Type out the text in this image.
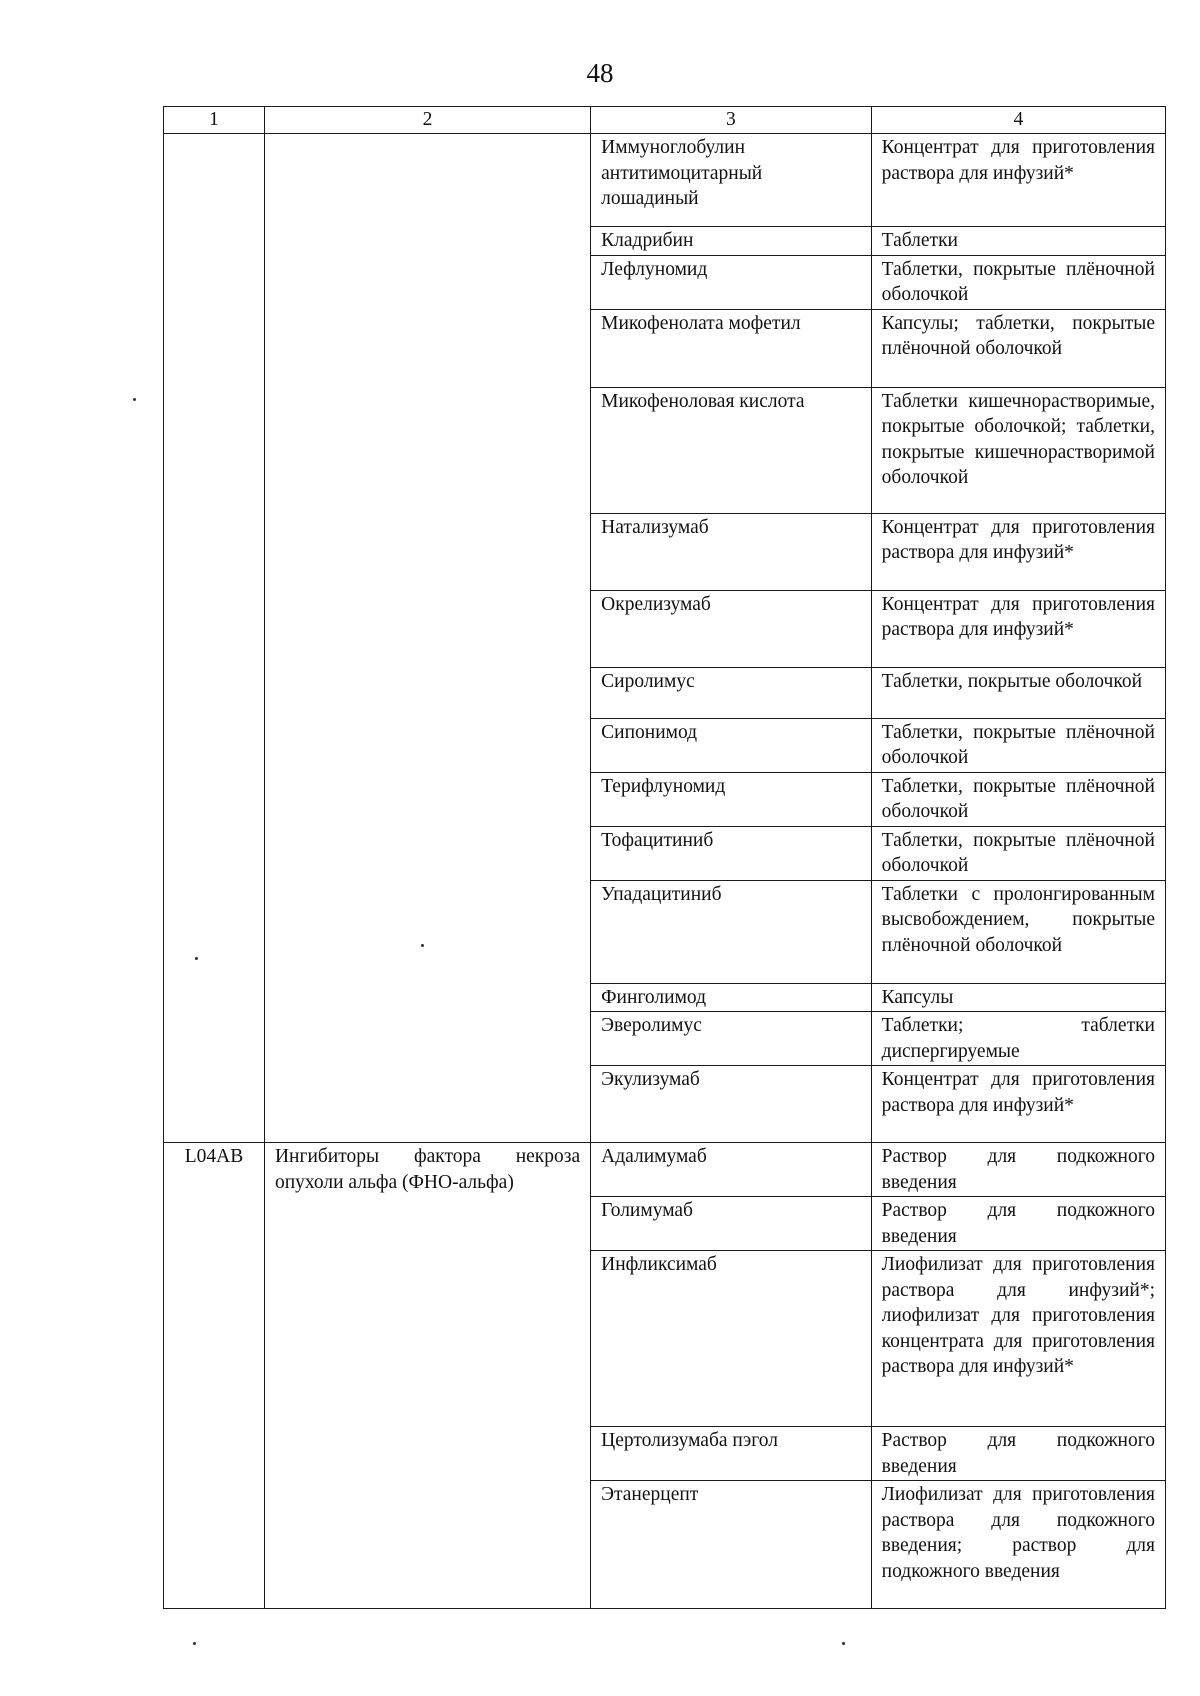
48
1	2	3	4
		Иммуноглобулин антитимоцитарный лошадиный	Концентрат для приготовления раствора для инфузий*
		Кладрибин	Таблетки
		Лефлуномид	Таблетки, покрытые плёночной оболочкой
		Микофенолата мофетил	Капсулы; таблетки, покрытые плёночной оболочкой
		Микофеноловая кислота	Таблетки кишечнорастворимые, покрытые оболочкой; таблетки, покрытые кишечнорастворимой оболочкой
		Натализумаб	Концентрат для приготовления раствора для инфузий*
		Окрелизумаб	Концентрат для приготовления раствора для инфузий*
		Сиролимус	Таблетки, покрытые оболочкой
		Сипонимод	Таблетки, покрытые плёночной оболочкой
		Терифлуномид	Таблетки, покрытые плёночной оболочкой
		Тофацитиниб	Таблетки, покрытые плёночной оболочкой
		Упадацитиниб	Таблетки с пролонгированным высвобождением, покрытые плёночной оболочкой
		Финголимод	Капсулы
		Эверолимус	Таблетки; таблетки диспергируемые
		Экулизумаб	Концентрат для приготовления раствора для инфузий*
L04AB	Ингибиторы фактора некроза опухоли альфа (ФНО-альфа)	Адалимумаб	Раствор для подкожного введения
		Голимумаб	Раствор для подкожного введения
		Инфликсимаб	Лиофилизат для приготовления раствора для инфузий*; лиофилизат для приготовления концентрата для приготовления раствора для инфузий*
		Цертолизумаба пэгол	Раствор для подкожного введения
		Этанерцепт	Лиофилизат для приготовления раствора для подкожного введения; раствор для подкожного введения
